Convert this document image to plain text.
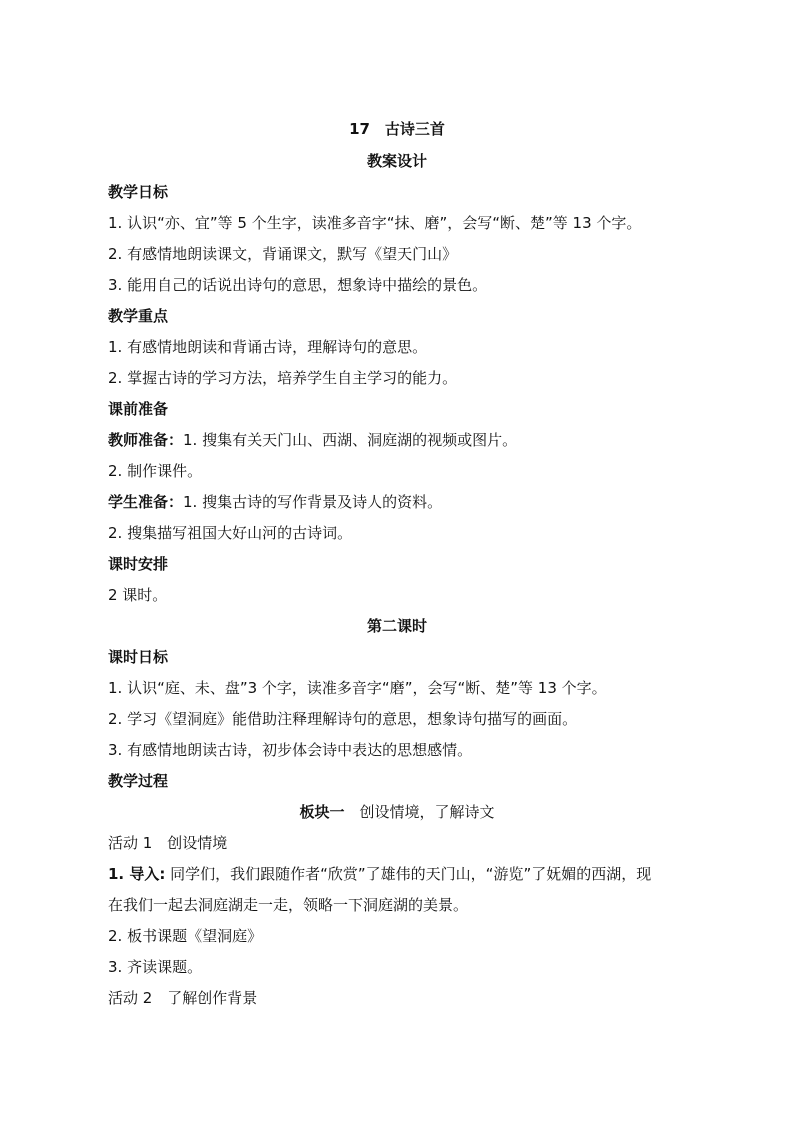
17　古诗三首
教案设计
教学日标
1. 认识“亦、宜”等 5 个生字，读准多音字“抹、磨”，会写“断、楚”等 13 个字。
2. 有感情地朗读课文，背诵课文，默写《望天门山》
3. 能用自己的话说出诗句的意思，想象诗中描绘的景色。
教学重点
1. 有感情地朗读和背诵古诗，理解诗句的意思。
2. 掌握古诗的学习方法，培养学生自主学习的能力。
课前准备
教师准备：1. 搜集有关天门山、西湖、洞庭湖的视频或图片。
2. 制作课件。
学生准备：1. 搜集古诗的写作背景及诗人的资料。
2. 搜集描写祖国大好山河的古诗词。
课时安排
2 课时。
第二课时
课时日标
1. 认识“庭、未、盘”3 个字，读准多音字“磨”，会写“断、楚”等 13 个字。
2. 学习《望洞庭》能借助注释理解诗句的意思，想象诗句描写的画面。
3. 有感情地朗读古诗，初步体会诗中表达的思想感情。
教学过程
板块一　创设情境，了解诗文
活动 1　创设情境
1. 导入: 同学们，我们跟随作者“欣赏”了雄伟的天门山，“游览”了妩媚的西湖，现
在我们一起去洞庭湖走一走，领略一下洞庭湖的美景。
2. 板书课题《望洞庭》
3. 齐读课题。
活动 2　了解创作背景
